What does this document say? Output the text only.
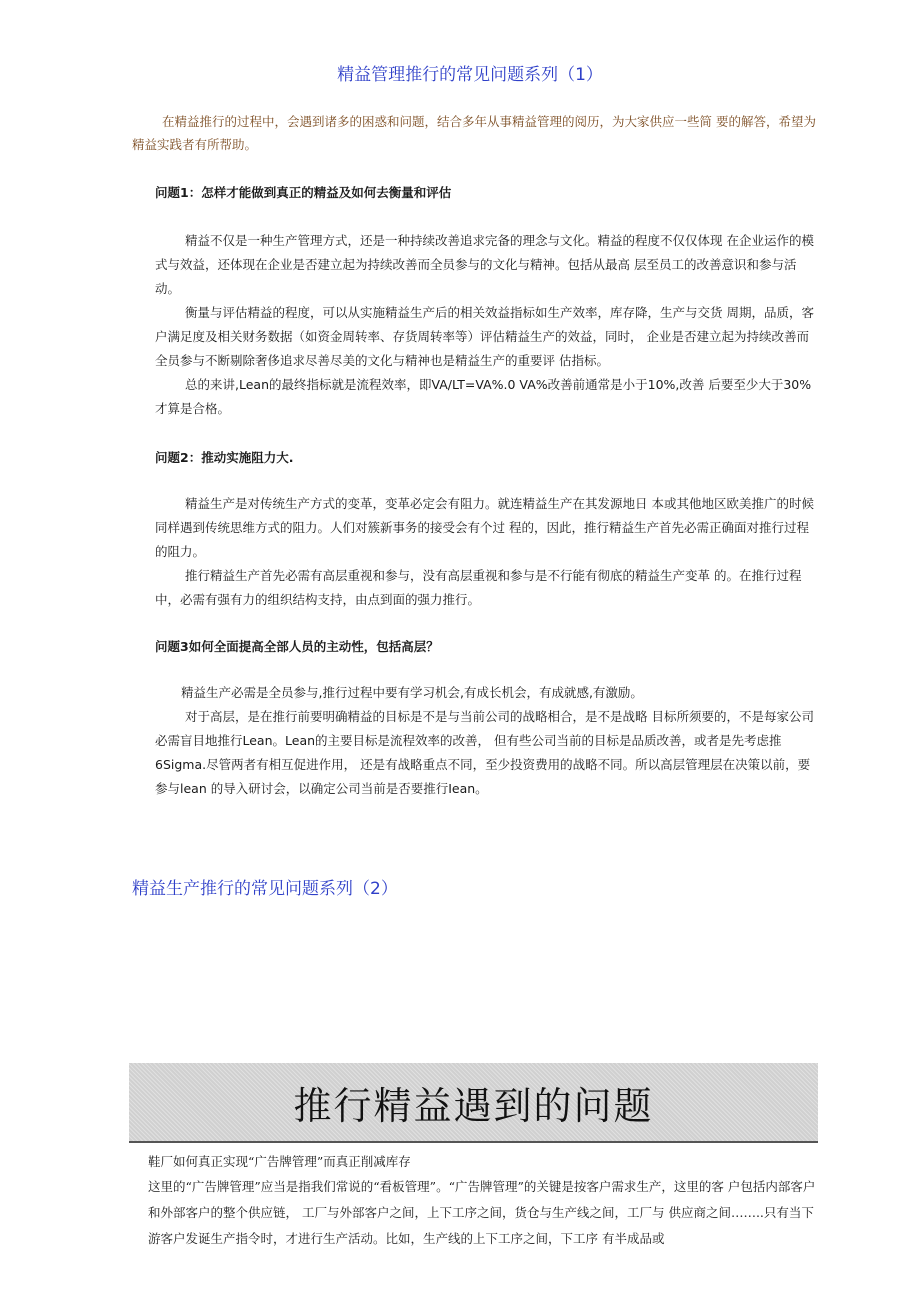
精益管理推行的常见问题系列（1）
在精益推行的过程中，会遇到诸多的困惑和问题，结合多年从事精益管理的阅历，为大家供应一些简 要的解答，希望为精益实践者有所帮助。
问题1：怎样才能做到真正的精益及如何去衡量和评估
精益不仅是一种生产管理方式，还是一种持续改善追求完备的理念与文化。精益的程度不仅仅体现 在企业运作的模式与效益，还体现在企业是否建立起为持续改善而全员参与的文化与精神。包括从最高 层至员工的改善意识和参与活动。
衡量与评估精益的程度，可以从实施精益生产后的相关效益指标如生产效率，库存降，生产与交货 周期，品质，客户满足度及相关财务数据（如资金周转率、存货周转率等）评估精益生产的效益，同时， 企业是否建立起为持续改善而全员参与不断剔除奢侈追求尽善尽美的文化与精神也是精益生产的重要评 估指标。
总的来讲,Lean的最终指标就是流程效率，即VA/LT=VA%.0 VA%改善前通常是小于10%,改善 后要至少大于30%才算是合格。
问题2：推动实施阻力大.
精益生产是对传统生产方式的变革，变革必定会有阻力。就连精益生产在其发源地日 本或其他地区欧美推广的时候同样遇到传统思维方式的阻力。人们对簇新事务的接受会有个过 程的，因此，推行精益生产首先必需正确面对推行过程的阻力。
推行精益生产首先必需有高层重视和参与，没有高层重视和参与是不行能有彻底的精益生产变革 的。在推行过程中，必需有强有力的组织结构支持，由点到面的强力推行。
问题3如何全面提高全部人员的主动性，包括高层？
精益生产必需是全员参与,推行过程中要有学习机会,有成长机会，有成就感,有激励。
对于高层，是在推行前要明确精益的目标是不是与当前公司的战略相合，是不是战略 目标所须要的，不是每家公司必需盲目地推行Lean。Lean的主要目标是流程效率的改善， 但有些公司当前的目标是品质改善，或者是先考虑推6Sigma.尽管两者有相互促进作用， 还是有战略重点不同，至少投资费用的战略不同。所以高层管理层在决策以前，要参与lean 的导入研讨会，以确定公司当前是否要推行Iean。
精益生产推行的常见问题系列（2）
推行精益遇到的问题
鞋厂如何真正实现“广告牌管理”而真正削减库存
这里的“广告牌管理”应当是指我们常说的“看板管理”。“广告牌管理”的关键是按客户需求生产，这里的客 户包括内部客户和外部客户的整个供应链， 工厂与外部客户之间，上下工序之间，货仓与生产线之间，工厂与 供应商之间……..只有当下游客户发诞生产指令时，才进行生产活动。比如，生产线的上下工序之间，下工序 有半成品或
